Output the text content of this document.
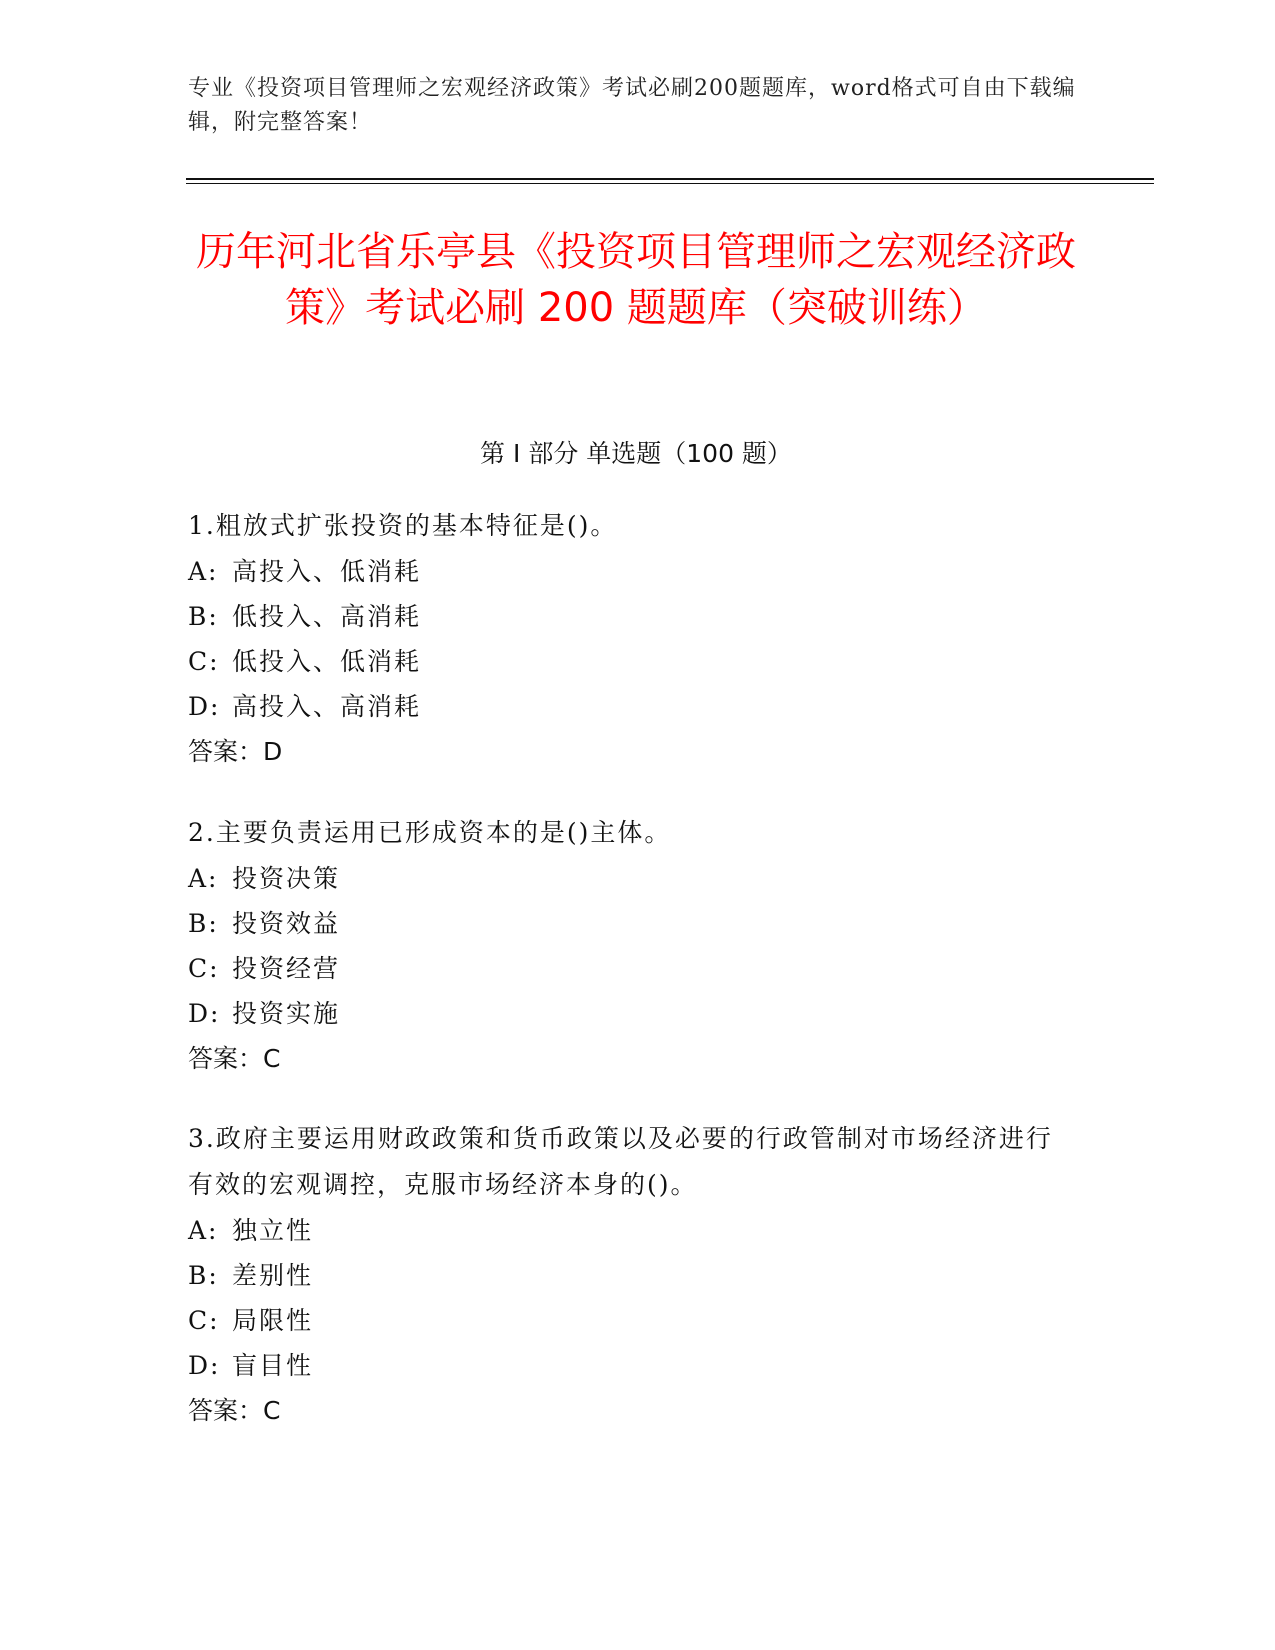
专业《投资项目管理师之宏观经济政策》考试必刷200题题库，word格式可自由下载编辑，附完整答案！
历年河北省乐亭县《投资项目管理师之宏观经济政策》考试必刷 200 题题库（突破训练）
第 I 部分 单选题（100 题）
1.粗放式扩张投资的基本特征是()。
A: 高投入、低消耗
B: 低投入、高消耗
C: 低投入、低消耗
D: 高投入、高消耗
答案：D
2.主要负责运用已形成资本的是()主体。
A: 投资决策
B: 投资效益
C: 投资经营
D: 投资实施
答案：C
3.政府主要运用财政政策和货币政策以及必要的行政管制对市场经济进行有效的宏观调控，克服市场经济本身的()。
A: 独立性
B: 差别性
C: 局限性
D: 盲目性
答案：C
